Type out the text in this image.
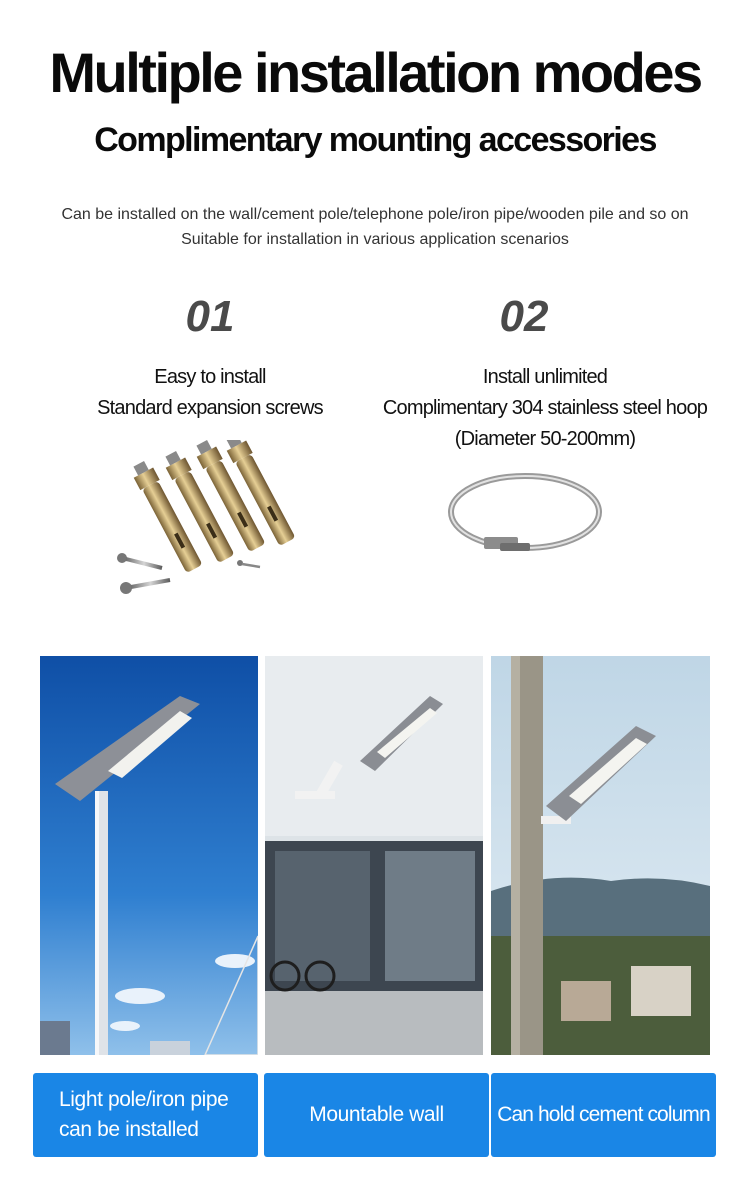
Multiple installation modes
Complimentary mounting accessories
Can be installed on the wall/cement pole/telephone pole/iron pipe/wooden pile and so on
Suitable for installation in various application scenarios
01	02
Easy to install
Standard expansion screws
Install unlimited
Complimentary 304 stainless steel hoop
(Diameter 50-200mm)
Light pole/iron pipe
can be installed
Mountable wall	Can hold cement column
